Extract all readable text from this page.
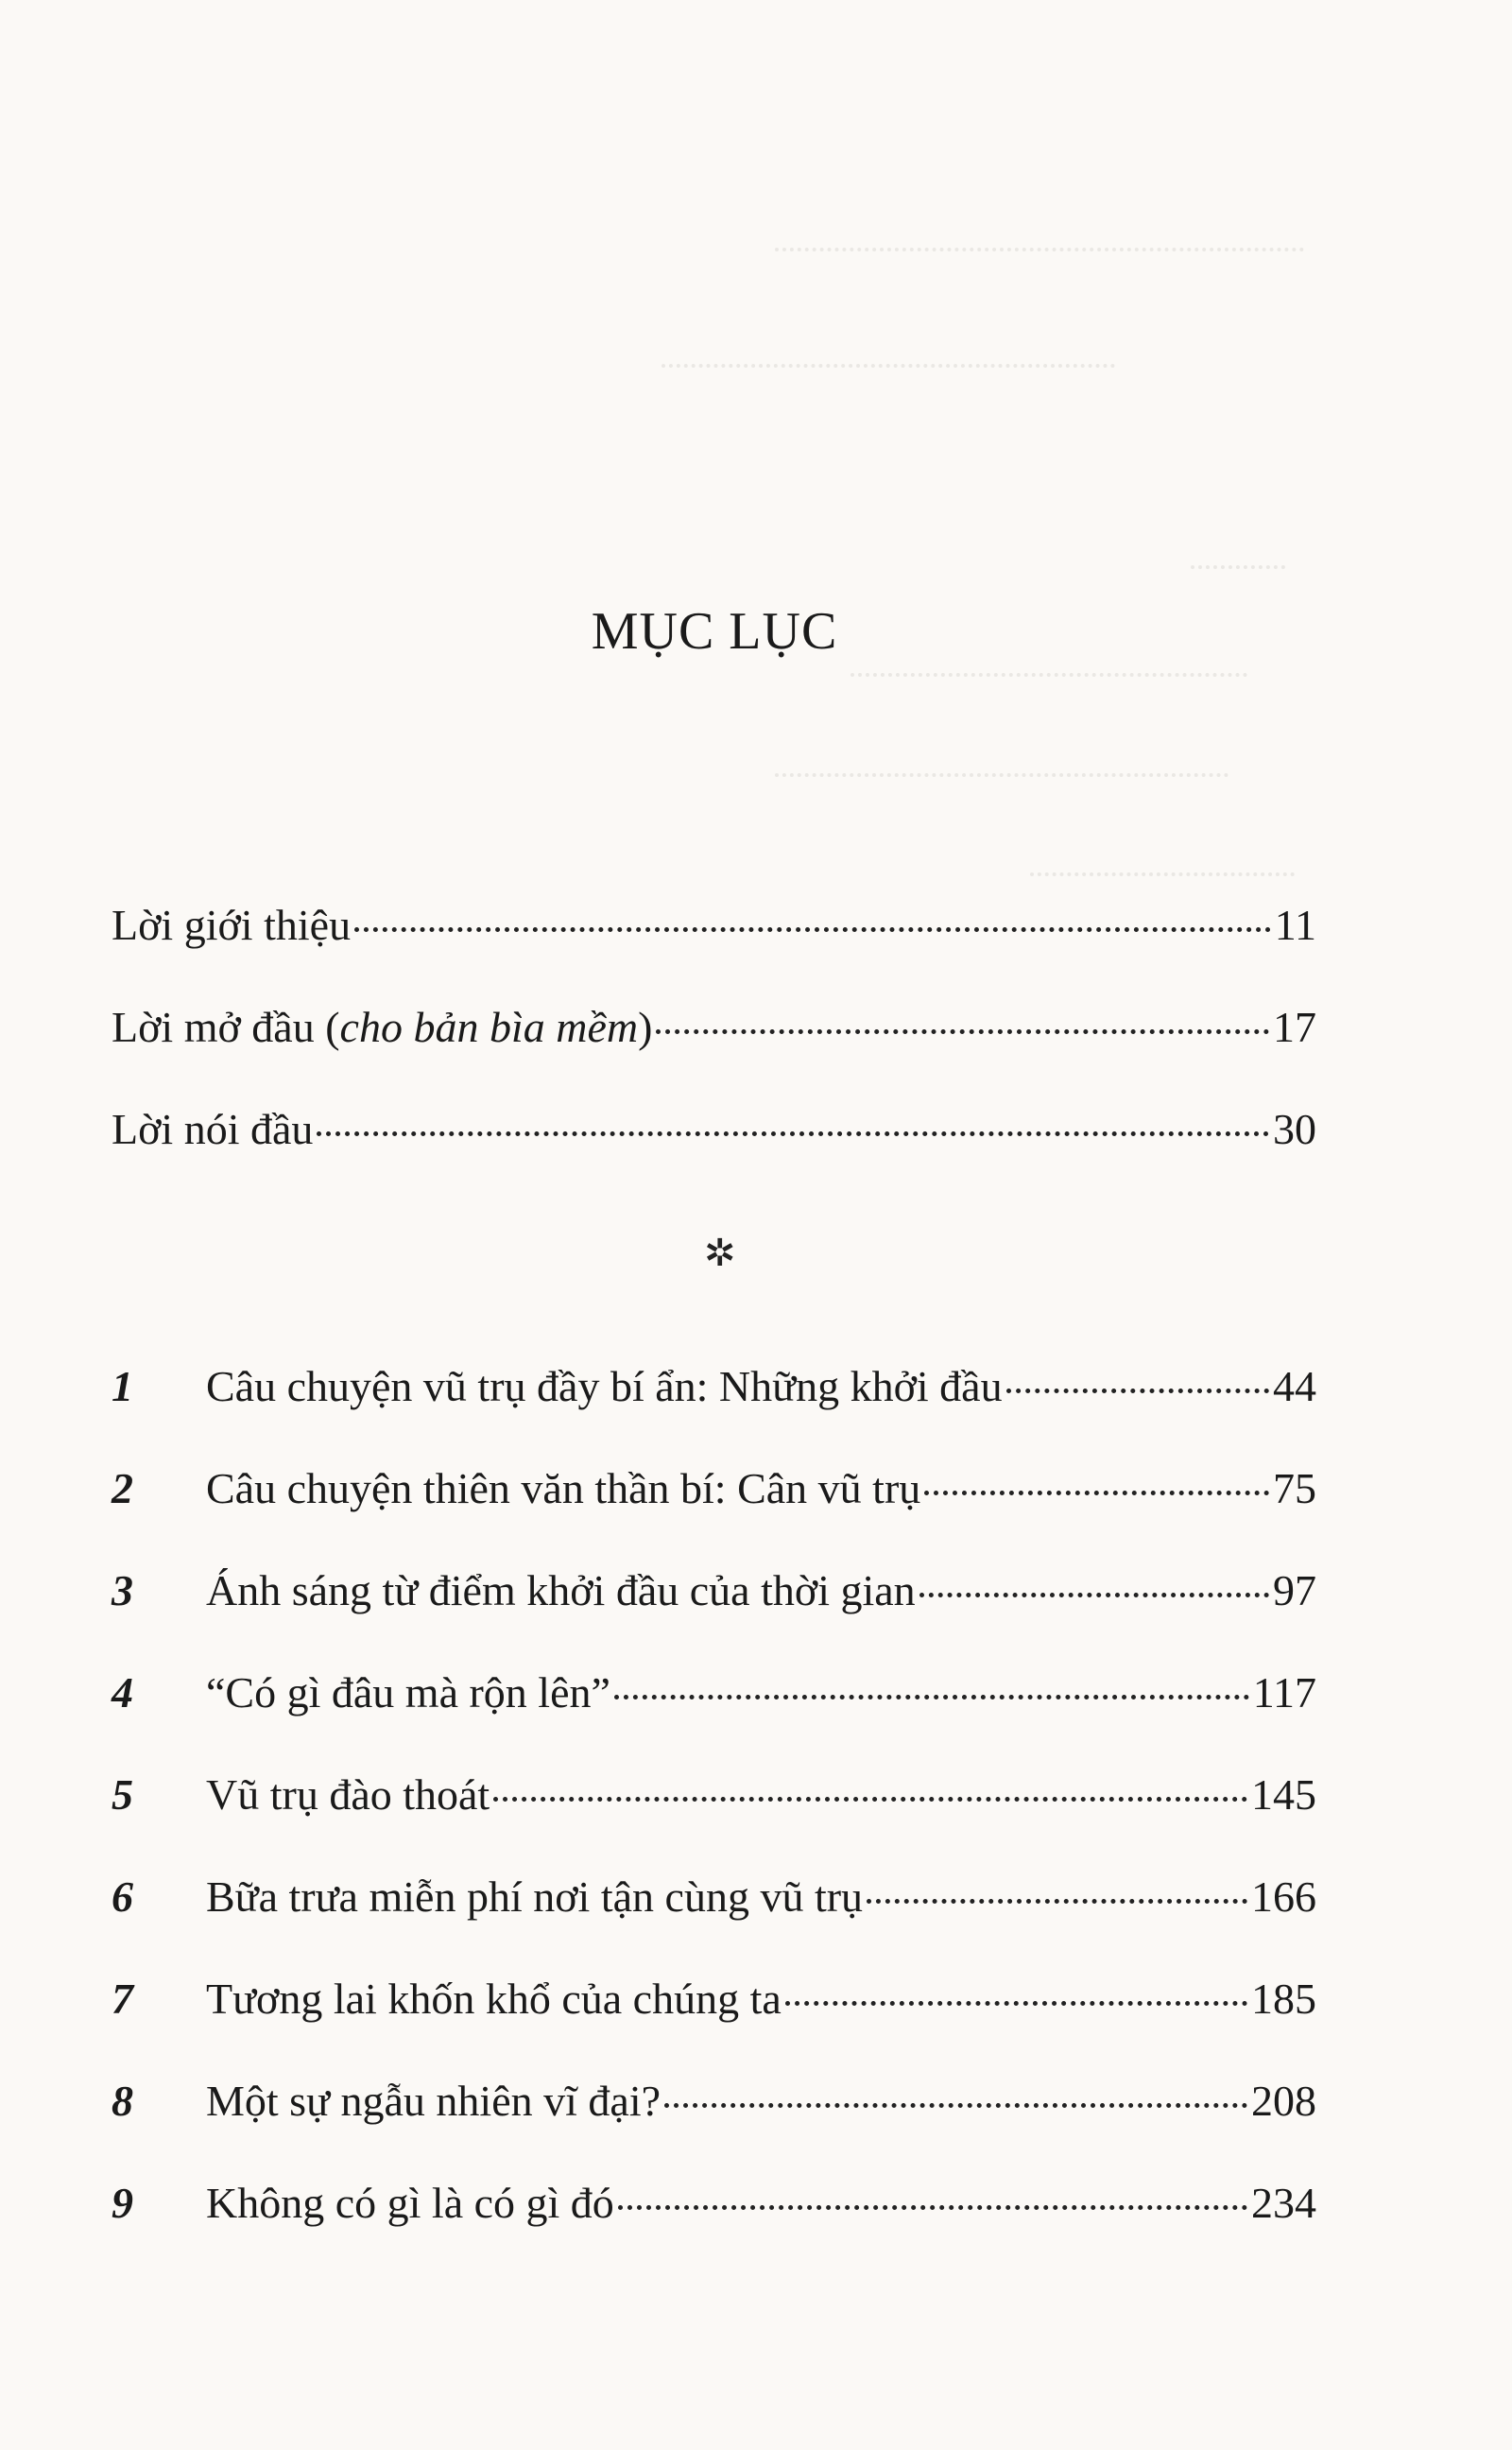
MỤC LỤC
Lời giới thiệu	11
Lời mở đầu (cho bản bìa mềm)	17
Lời nói đầu	30
✲
1	Câu chuyện vũ trụ đầy bí ẩn: Những khởi đầu	44
2	Câu chuyện thiên văn thần bí: Cân vũ trụ	75
3	Ánh sáng từ điểm khởi đầu của thời gian	97
4	“Có gì đâu mà rộn lên”	117
5	Vũ trụ đào thoát	145
6	Bữa trưa miễn phí nơi tận cùng vũ trụ	166
7	Tương lai khốn khổ của chúng ta	185
8	Một sự ngẫu nhiên vĩ đại?	208
9	Không có gì là có gì đó	234
